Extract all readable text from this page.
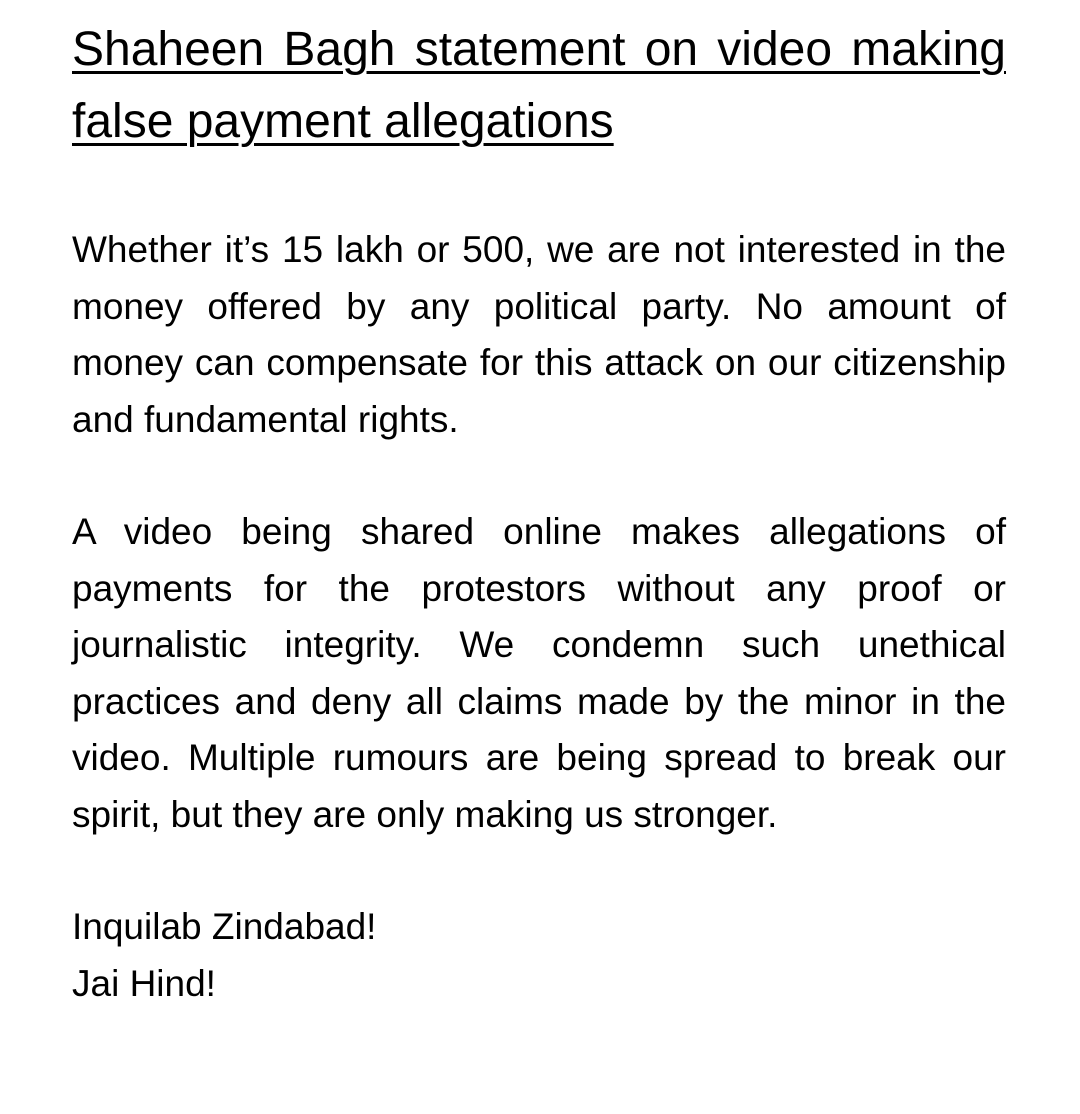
Shaheen Bagh statement on video making false payment allegations

Whether it’s 15 lakh or 500, we are not interested in the money offered by any political party. No amount of money can compensate for this attack on our citizenship and fundamental rights.

A video being shared online makes allegations of payments for the protestors without any proof or journalistic integrity. We condemn such unethical practices and deny all claims made by the minor in the video. Multiple rumours are being spread to break our spirit, but they are only making us stronger.

Inquilab Zindabad!
Jai Hind!
